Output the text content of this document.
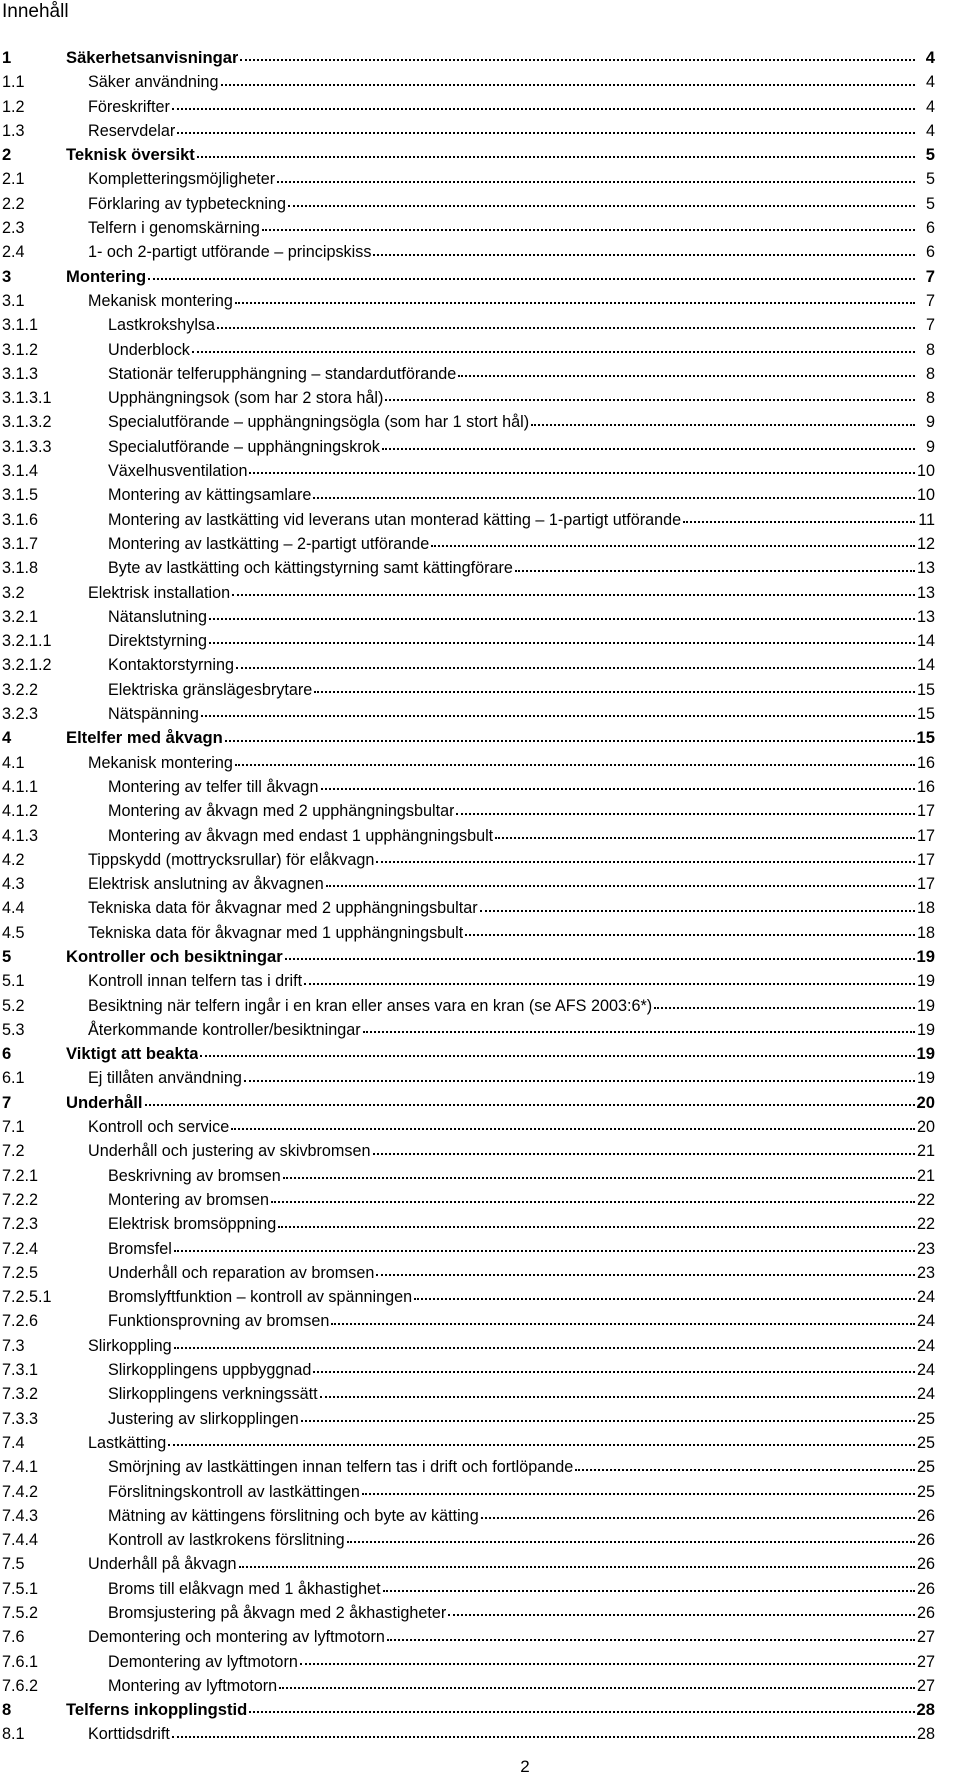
Innehåll
1	Säkerhetsanvisningar	4
1.1	Säker användning	4
1.2	Föreskrifter	4
1.3	Reservdelar	4
2	Teknisk översikt	5
2.1	Kompletteringsmöjligheter	5
2.2	Förklaring av typbeteckning	5
2.3	Telfern i genomskärning	6
2.4	1- och 2-partigt utförande – principskiss	6
3	Montering	7
3.1	Mekanisk montering	7
3.1.1	Lastkrokshylsa	7
3.1.2	Underblock	8
3.1.3	Stationär telferupphängning – standardutförande	8
3.1.3.1	Upphängningsok (som har 2 stora hål)	8
3.1.3.2	Specialutförande – upphängningsögla (som har 1 stort hål)	9
3.1.3.3	Specialutförande – upphängningskrok	9
3.1.4	Växelhusventilation	10
3.1.5	Montering av kättingsamlare	10
3.1.6	Montering av lastkätting vid leverans utan monterad kätting – 1-partigt utförande	11
3.1.7	Montering av lastkätting – 2-partigt utförande	12
3.1.8	Byte av lastkätting och kättingstyrning samt kättingförare	13
3.2	Elektrisk installation	13
3.2.1	Nätanslutning	13
3.2.1.1	Direktstyrning	14
3.2.1.2	Kontaktorstyrning	14
3.2.2	Elektriska gränslägesbrytare	15
3.2.3	Nätspänning	15
4	Eltelfer med åkvagn	15
4.1	Mekanisk montering	16
4.1.1	Montering av telfer till åkvagn	16
4.1.2	Montering av åkvagn med 2 upphängningsbultar	17
4.1.3	Montering av åkvagn med endast 1 upphängningsbult	17
4.2	Tippskydd (mottrycksrullar) för elåkvagn	17
4.3	Elektrisk anslutning av åkvagnen	17
4.4	Tekniska data för åkvagnar med 2 upphängningsbultar	18
4.5	Tekniska data för åkvagnar med 1 upphängningsbult	18
5	Kontroller och besiktningar	19
5.1	Kontroll innan telfern tas i drift	19
5.2	Besiktning när telfern ingår i en kran eller anses vara en kran (se AFS 2003:6*)	19
5.3	Återkommande kontroller/besiktningar	19
6	Viktigt att beakta	19
6.1	Ej tillåten användning	19
7	Underhåll	20
7.1	Kontroll och service	20
7.2	Underhåll och justering av skivbromsen	21
7.2.1	Beskrivning av bromsen	21
7.2.2	Montering av bromsen	22
7.2.3	Elektrisk bromsöppning	22
7.2.4	Bromsfel	23
7.2.5	Underhåll och reparation av bromsen	23
7.2.5.1	Bromslyftfunktion – kontroll av spänningen	24
7.2.6	Funktionsprovning av bromsen	24
7.3	Slirkoppling	24
7.3.1	Slirkopplingens uppbyggnad	24
7.3.2	Slirkopplingens verkningssätt	24
7.3.3	Justering av slirkopplingen	25
7.4	Lastkätting	25
7.4.1	Smörjning av lastkättingen innan telfern tas i drift och fortlöpande	25
7.4.2	Förslitningskontroll av lastkättingen	25
7.4.3	Mätning av kättingens förslitning och byte av kätting	26
7.4.4	Kontroll av lastkrokens förslitning	26
7.5	Underhåll på åkvagn	26
7.5.1	Broms till elåkvagn med 1 åkhastighet	26
7.5.2	Bromsjustering på åkvagn med 2 åkhastigheter	26
7.6	Demontering och montering av lyftmotorn	27
7.6.1	Demontering av lyftmotorn	27
7.6.2	Montering av lyftmotorn	27
8	Telferns inkopplingstid	28
8.1	Korttidsdrift	28
2
